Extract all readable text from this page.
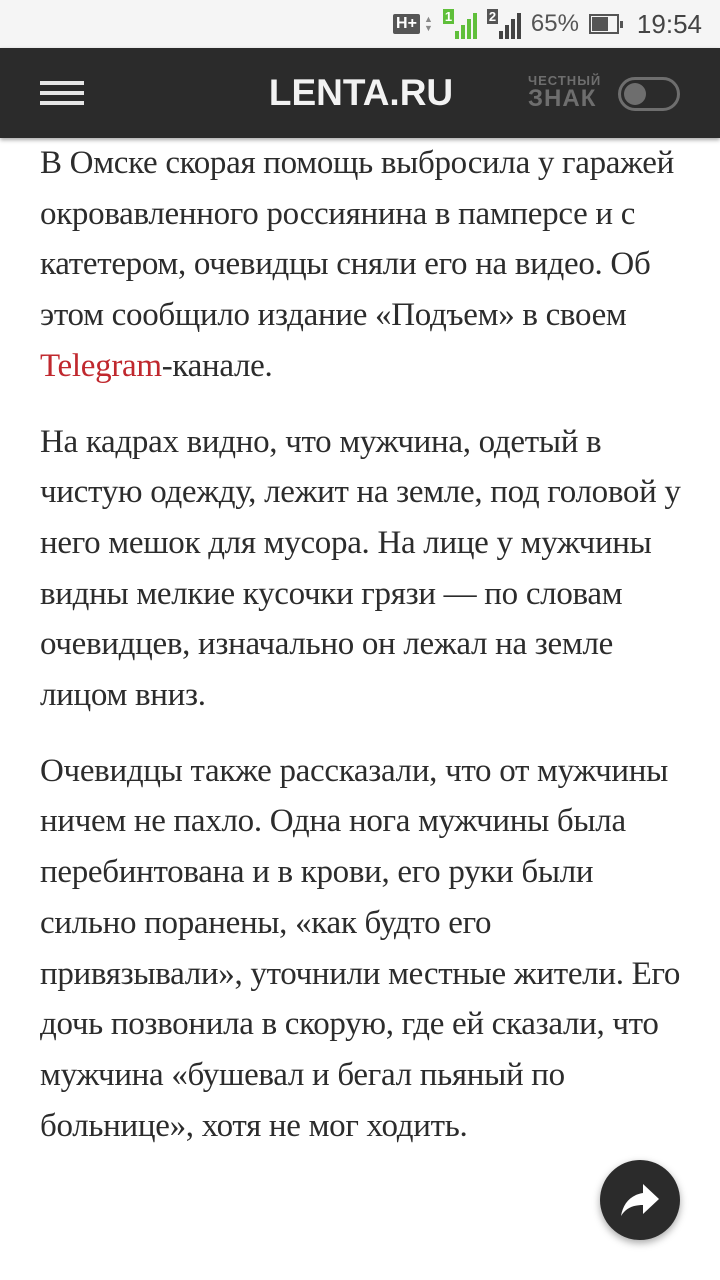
H+ ▲
▼
1	2 65% 19:54
LENTA.RU	ЧЕСТНЫЙ
ЗНАК

В Омске скорая помощь выбросила у гаражей окровавленного россиянина в памперсе и с катетером, очевидцы сняли его на видео. Об этом сообщило издание «Подъем» в своем Telegram-канале.

На кадрах видно, что мужчина, одетый в чистую одежду, лежит на земле, под головой у него мешок для мусора. На лице у мужчины видны мелкие кусочки грязи — по словам очевидцев, изначально он лежал на земле лицом вниз.

Очевидцы также рассказали, что от мужчины ничем не пахло. Одна нога мужчины была перебинтована и в крови, его руки были сильно поранены, «как будто его привязывали», уточнили местные жители. Его дочь позвонила в скорую, где ей сказали, что мужчина «бушевал и бегал пьяный по больнице», хотя не мог ходить.
